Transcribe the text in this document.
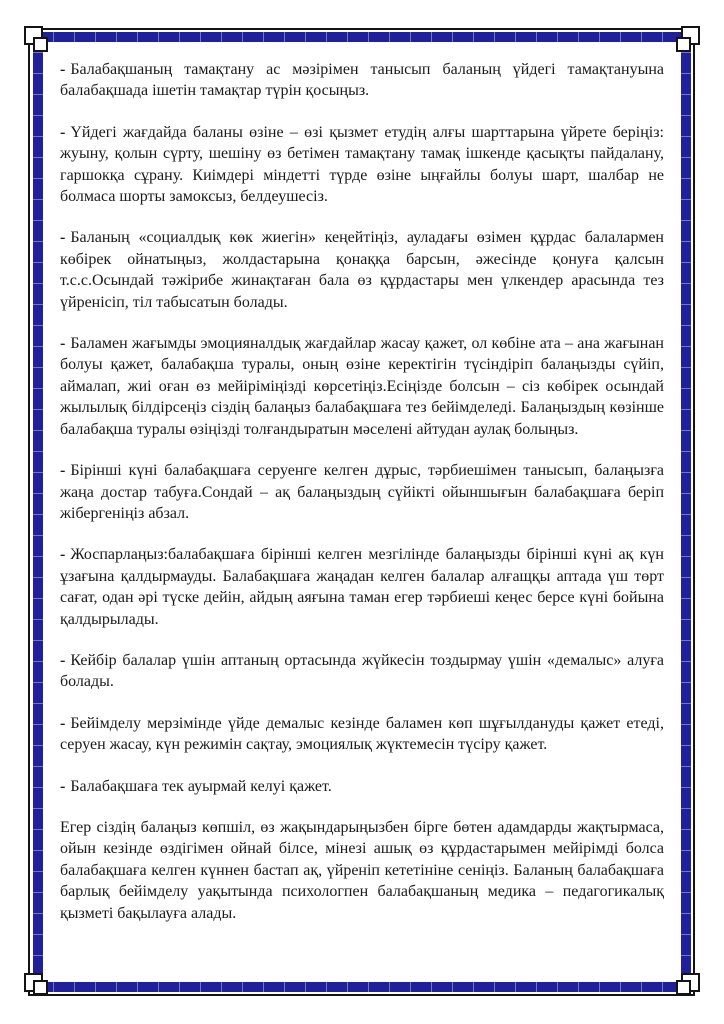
- Балабақшаның тамақтану ас мәзірімен танысып баланың үйдегі тамақтануына балабақшада ішетін тамақтар түрін қосыңыз.

- Үйдегі жағдайда баланы өзіне – өзі қызмет етудің алғы шарттарына үйрете беріңіз: жуыну, қолын сүрту, шешіну өз бетімен тамақтану тамақ ішкенде қасықты пайдалану, гаршокқа сұрану. Киімдері міндетті түрде өзіне ыңғайлы болуы шарт, шалбар не болмаса шорты замоксыз, белдеушесіз.

- Баланың «социалдық көк жиегін» кеңейтіңіз, ауладағы өзімен құрдас балалармен көбірек ойнатыңыз, жолдастарына қонаққа барсын, әжесінде қонуға қалсын т.с.с.Осындай тәжірибе жинақтаған бала өз құрдастары мен үлкендер арасында тез үйренісіп, тіл табысатын болады.

- Баламен жағымды эмоцияналдық жағдайлар жасау қажет, ол көбіне ата – ана жағынан болуы қажет, балабақша туралы, оның өзіне керектігін түсіндіріп балаңызды сүйіп, аймалап, жиі оған өз мейіріміңізді көрсетіңіз.Есіңізде болсын – сіз көбірек осындай жылылық білдірсеңіз сіздің балаңыз балабақшаға тез бейімделеді. Балаңыздың көзінше балабақша туралы өзіңізді толғандыратын мәселені айтудан аулақ болыңыз.

- Бірінші күні балабақшаға серуенге келген дұрыс, тәрбиешімен танысып, балаңызға жаңа достар табуға.Сондай – ақ балаңыздың сүйікті ойыншығын балабақшаға беріп жібергеніңіз абзал.

- Жоспарлаңыз:балабақшаға бірінші келген мезгілінде балаңызды бірінші күні ақ күн ұзағына қалдырмауды. Балабақшаға жаңадан келген балалар алғащқы аптада үш төрт сағат, одан әрі түске дейін, айдың аяғына таман егер тәрбиеші кеңес берсе күні бойына қалдырылады.

- Кейбір балалар үшін аптаның ортасында жүйкесін тоздырмау үшін «демалыс» алуға болады.

- Бейімделу мерзімінде үйде демалыс кезінде баламен көп шұғылдануды қажет етеді, серуен жасау, күн режимін сақтау, эмоциялық жүктемесін түсіру қажет.

- Балабақшаға тек ауырмай келуі қажет.

Егер сіздің балаңыз көпшіл, өз жақындарыңызбен бірге бөтен адамдарды жақтырмаса, ойын кезінде өздігімен ойнай білсе, мінезі ашық өз құрдастарымен мейірімді болса балабақшаға келген күннен бастап ақ, үйреніп кететініне сеніңіз. Баланың балабақшаға барлық бейімделу уақытында психологпен балабақшаның медика – педагогикалық қызметі бақылауға алады.
